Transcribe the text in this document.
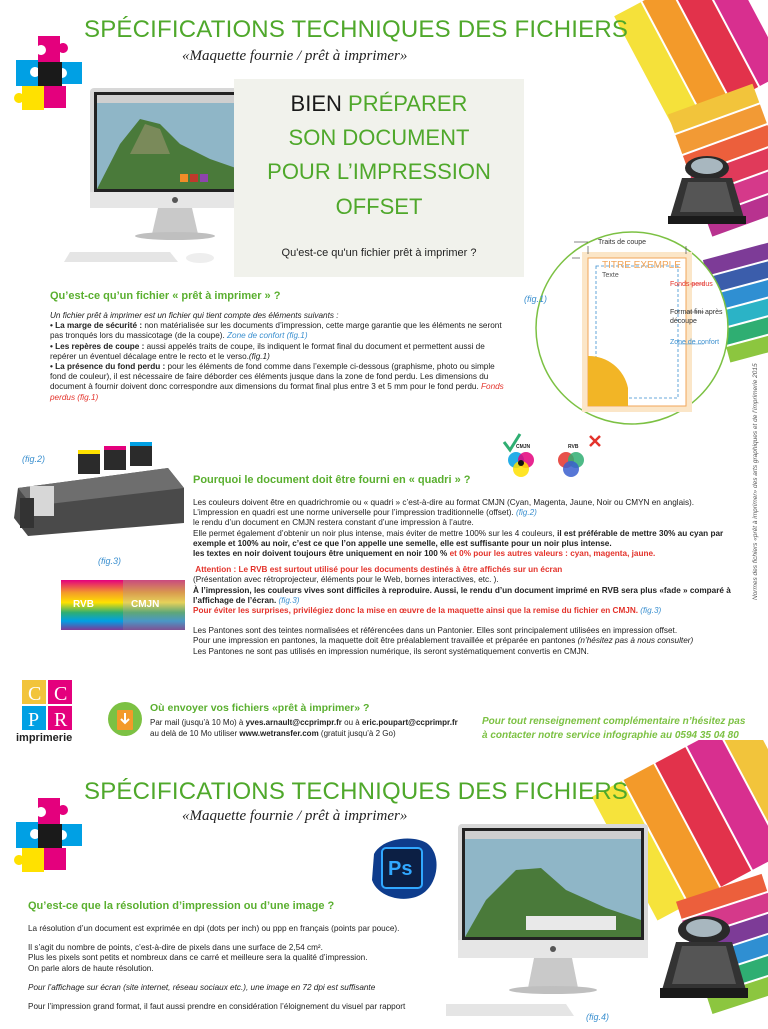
SPÉCIFICATIONS TECHNIQUES DES FICHIERS
«Maquette fournie / prêt à imprimer»
BIEN PRÉPARER
SON DOCUMENT
POUR L’IMPRESSION
OFFSET
Qu'est-ce qu'un fichier prêt à imprimer ?
(fig.1)
Traits de coupe
TITRE EXEMPLE
Texte
Fonds perdus
Format fini après découpe
Zone de confort
Normes des fichiers «prêt à imprimer» des arts graphiques et de l’imprimerie 2015
Qu’est-ce qu’un fichier « prêt à imprimer » ?
Un fichier prêt à imprimer est un fichier qui tient compte des éléments suivants :
• La marge de sécurité : non matérialisée sur les documents d’impression, cette marge garantie que les éléments ne seront pas tronqués lors du massicotage (de la coupe). Zone de confort (fig.1)
• Les repères de coupe : aussi appelés traits de coupe, ils indiquent le format final du document et permettent aussi de repérer un éventuel décalage entre le recto et le verso.(fig.1)
• La présence du fond perdu : pour les éléments de fond comme dans l’exemple ci-dessous (graphisme, photo ou simple fond de couleur), il est nécessaire de faire déborder ces éléments jusque dans la zone de fond perdu. Les dimensions du document à fournir doivent donc correspondre aux dimensions du format final plus entre 3 et 5 mm pour le fond perdu. Fonds perdus (fig.1)
(fig.2)
(fig.3)
RVB	CMJN
CMJN	RVB
Pourquoi le document doit être fourni en « quadri » ?
Les couleurs doivent être en quadrichromie ou « quadri » c’est-à-dire au format CMJN (Cyan, Magenta, Jaune, Noir ou CMYN en anglais).
L’impression en quadri est une norme universelle pour l’impression traditionnelle (offset). (fig.2)
le rendu d’un document en CMJN restera constant d’une impression à l’autre.
Elle permet également d’obtenir un noir plus intense, mais éviter de mettre 100% sur les 4 couleurs, il est préférable de mettre 30% au cyan par exemple et 100% au noir, c’est ce que l’on appelle une semelle, elle est suffisante pour un noir plus intense.
les textes en noir doivent toujours être uniquement en noir 100 % et 0% pour les autres valeurs : cyan, magenta, jaune.
Attention : Le RVB est surtout utilisé pour les documents destinés à être affichés sur un écran
(Présentation avec rétroprojecteur, éléments pour le Web, bornes interactives, etc. ).
À l’impression, les couleurs vives sont difficiles à reproduire. Aussi, le rendu d’un document imprimé en RVB sera plus «fade » comparé à l’affichage de l’écran. (fig.3)
Pour éviter les surprises, privilégiez donc la mise en œuvre de la maquette ainsi que la remise du fichier en CMJN. (fig.3)
Les Pantones sont des teintes normalisées et référencées dans un Pantonier. Elles sont principalement utilisées en impression offset.
Pour une impression en pantones, la maquette doit être préalablement travaillée et préparée en pantones (n’hésitez pas à nous consulter)
Les Pantones ne sont pas utilisés en impression numérique, ils seront systématiquement convertis en CMJN.
C C
P R
imprimerie
Où envoyer vos fichiers «prêt à imprimer» ?
Par mail (jusqu’à 10 Mo) à yves.arnault@ccprimpr.fr ou à eric.poupart@ccprimpr.fr
au delà de 10 Mo utiliser www.wetransfer.com (gratuit jusqu’à 2 Go)
Pour tout renseignement complémentaire n’hésitez pas
à contacter notre service infographie au 0594 35 04 80
SPÉCIFICATIONS TECHNIQUES DES FICHIERS
«Maquette fournie / prêt à imprimer»
Ps
Qu’est-ce que la résolution d’impression ou d’une image ?
La résolution d’un document est exprimée en dpi (dots per inch) ou ppp en français (points par pouce).
Il s’agit du nombre de points, c’est-à-dire de pixels dans une surface de 2,54 cm².
Plus les pixels sont petits et nombreux dans ce carré et meilleure sera la qualité d’impression.
On parle alors de haute résolution.
Pour l’affichage sur écran (site internet, réseau sociaux etc.), une image en 72 dpi est suffisante
Pour l’impression grand format, il faut aussi prendre en considération l’éloignement du visuel par rapport
(fig.4)
